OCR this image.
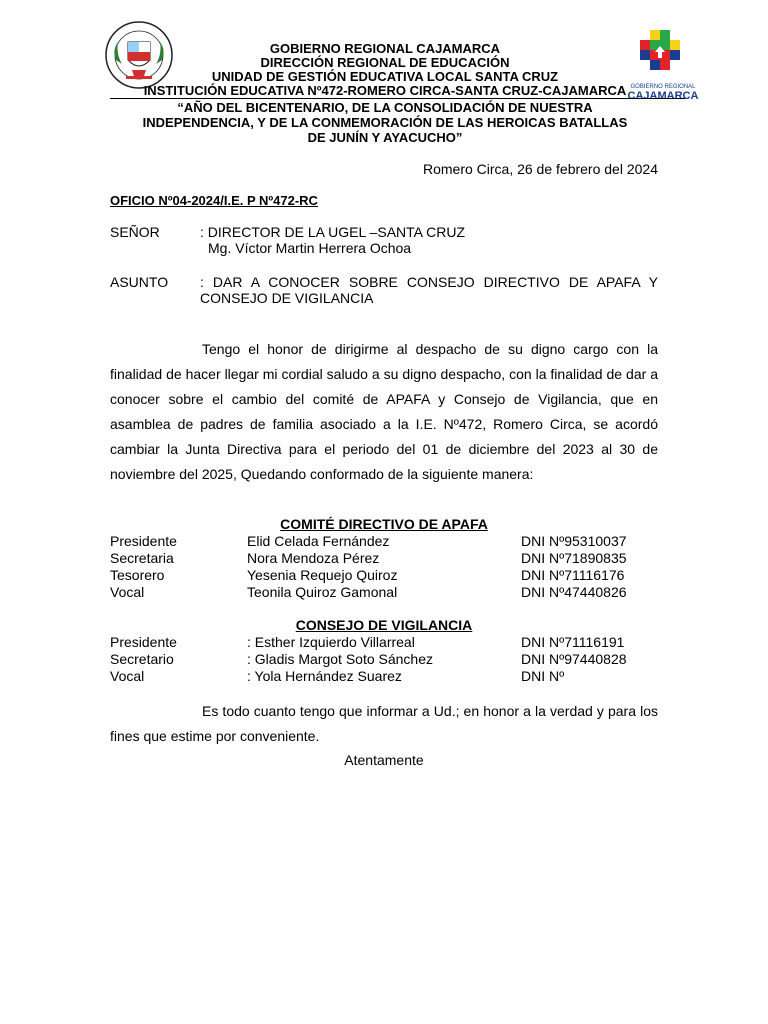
GOBIERNO REGIONAL
CAJAMARCA
GOBIERNO REGIONAL CAJAMARCA
DIRECCIÓN REGIONAL DE EDUCACIÓN
UNIDAD DE GESTIÓN EDUCATIVA LOCAL SANTA CRUZ
INSTITUCIÓN EDUCATIVA Nº472-ROMERO CIRCA-SANTA CRUZ-CAJAMARCA
“AÑO DEL BICENTENARIO, DE LA CONSOLIDACIÓN DE NUESTRA
INDEPENDENCIA, Y DE LA CONMEMORACIÓN DE LAS HEROICAS BATALLAS
DE JUNÍN Y AYACUCHO”
Romero Circa, 26 de febrero del 2024
OFICIO Nº04-2024/I.E. P Nº472-RC
SEÑOR	: DIRECTOR DE LA UGEL –SANTA CRUZ
Mg. Víctor Martin Herrera Ochoa
ASUNTO : DAR A CONOCER SOBRE CONSEJO DIRECTIVO DE APAFA Y CONSEJO DE VIGILANCIA
Tengo el honor de dirigirme al despacho de su digno cargo con la finalidad de hacer llegar mi cordial saludo a su digno despacho, con la finalidad de dar a conocer sobre el cambio del comité de APAFA y Consejo de Vigilancia, que en asamblea de padres de familia asociado a la I.E. Nº472, Romero Circa, se acordó cambiar la Junta Directiva para el periodo del 01 de diciembre del 2023 al 30 de noviembre del 2025, Quedando conformado de la siguiente manera:
COMITÉ DIRECTIVO DE APAFA
Presidente	Elid Celada Fernández	DNI Nº95310037
Secretaria	Nora Mendoza Pérez	DNI Nº71890835
Tesorero	Yesenia Requejo Quiroz	DNI Nº71116176
Vocal	Teonila Quiroz Gamonal	DNI Nº47440826
CONSEJO DE VIGILANCIA
Presidente	: Esther Izquierdo Villarreal	DNI Nº71116191
Secretario	: Gladis Margot Soto Sánchez	DNI Nº97440828
Vocal	: Yola Hernández Suarez	DNI Nº
Es todo cuanto tengo que informar a Ud.; en honor a la verdad y para los fines que estime por conveniente.
Atentamente
